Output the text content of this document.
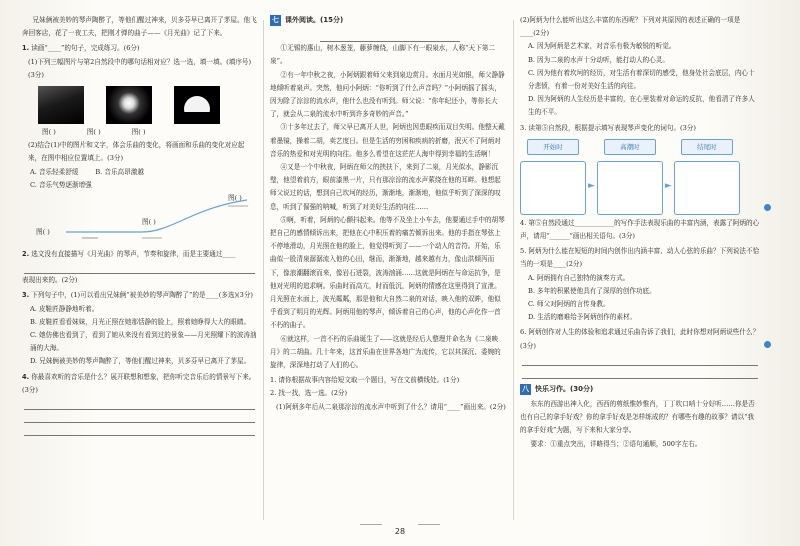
兄妹俩被美妙的琴声陶醉了，等他们醒过神来，贝多芬早已离开了茅屋。他飞奔回客店，花了一夜工夫，把刚才弹的曲子——《月光曲》记了下来。

1. 读画“____”的句子，完成练习。(6分)

(1)下列三幅图片与第2自然段中的哪句话相对应？选一选，填一填。(填序号)(3分)

图( )	图( )	图( )

(2)结合(1)中的图片和文字，体会乐曲的变化，将画面和乐曲的变化对应起来，在图中相应位置填上。(3分)

A. 音乐轻柔舒缓	B. 音乐高昂激越

C. 音乐气势逐渐增强

图( )
图( )
图( )

2. 选文没有直接描写《月光曲》的琴声，节奏和旋律，而是主要通过____

表现出来的。(2分)

3. 下列句子中，(1)可以看出兄妹俩“被美妙的琴声陶醉了”的是____(多选)(3分)

A. 皮鞋匠静静地听着。

B. 皮鞋匠看看妹妹，月光正照在她那恬静的脸上，照着她睁得大大的眼睛。

C. 她仿佛也看到了，看到了她从来没有看到过的景象——月光照耀下的波涛汹涌的大海。

D. 兄妹俩被美妙的琴声陶醉了，等他们醒过神来，贝多芬早已离开了茅屋。

4. 你最喜欢听的音乐是什么？展开联想和想象，把你听完音乐后的情景写下来。(3分)

七 课外阅读。(15分)

①无锡的惠山，树木葱茏，藤萝缠绕，山脚下有一眼泉水，人称“天下第二泉”。

②有一年中秋之夜，小阿炳跟着师父来到泉边赏月。水面月光如银，师父静静地倾听着泉声。突然，他问小阿炳：“你听到了什么声音吗？”小阿炳摇了摇头，因为除了淙淙的流水声，他什么也没有听到。师父说：“你年纪还小，等你长大了，就会从二泉的流水中听到许多奇妙的声音。”

③十多年过去了，师父早已离开人世，阿炳也因患眼疾而双目失明。他整天戴着墨镜，操着二胡，卖艺度日。但是生活的穷困和疾病的折磨，泯灭不了阿炳对音乐的热爱和对光明的向往。他多么希望在这茫茫人海中得到幸福的生活啊！

④又是一个中秋夜，阿炳在师父的挟扶下，来到了二泉，月光似水，静影沉璧，他望着前方，眼前漆黑一片，只有那淙淙的流水声萦绕在他的耳畔。他想起师父说过的话，想到自己坎坷的经历，渐渐地，渐渐地，他似乎听到了深深的叹息，听到了倔强的呐喊，听到了对美好生活的向往……

⑤啊，听着，阿炳的心颤抖起来。他等不及坐上小车去，他要通过手中的胡琴把自己的感情倾诉出来，把他在心中积压着的痛苦倾诉出来。他的手指在琴弦上不停地滑动，月光照在他的脸上，他觉得听到了——一个动人的音符。开始，乐曲似一股清泉潺潺流入他的心田，继而，渐渐地，越来越有力，像山洪倾泻而下，像浪潮翻滚而来，像岩石迸裂，波涛汹涌……这就是阿炳在与命运抗争，是他对光明的追求啊。乐曲时而高亢，时而低沉，阿炳的情感在这里得到了宣泄。月光照在水面上，波光粼粼，那是他和大自然二泉的对话，映入他的双眸，他似乎看到了明月的光辉。阿炳用他的琴声，倾诉着自己的心声，他的心声化作一首不朽的曲子。

⑥就这样，一首不朽的乐曲诞生了——这就是经后人整理并命名为《二泉映月》的二胡曲。几十年来，这首乐曲在世界各地广为流传，它以其深沉、委婉的旋律，深深地打动了人们的心。

1. 请你根据故事内容给短文取一个题目，写在文前横线处。(1分)

2. 找一找，选一选。(2分)

(1)阿炳多年后从二泉那淙淙的流水声中听到了什么？请用“____”画出来。(2分)

(2)阿炳为什么能听出这么丰富的东西呢？下列对其原因的表述正确的一项是____(2分)

A. 因为阿炳是艺术家，对音乐有极为敏锐的听觉。

B. 因为二泉的水声十分动听，能打动人的心灵。

C. 因为他有着坎坷的经历，对生活有着深切的感受，他身处社会底层，内心十分悲愤，有着一份对美好生活的向往。

D. 因为阿炳的人生经历是丰富的，在心里装着对命运的反抗，他看清了许多人生的不平。

3. 读第⑤自然段，根据提示填写表现琴声变化的词句。(3分)

开始时
►
高潮时
►
结尾时

4. 第⑤自然段通过____________的写作手法表现乐曲的丰富内涵，表露了阿炳的心声，请用“______”画出相关语句。(3分)

5. 阿炳为什么能在短短的时间内创作出内涵丰富、动人心弦的乐曲？下列说法不恰当的一项是____(2分)

A. 阿炳拥有自己独特的演奏方式。

B. 多年的积累使他具有了深厚的创作功底。

C. 师父对阿炳的言传身教。

D. 生活的磨难给予阿炳创作的素材。

6. 阿炳创作对人生的体验和追求通过乐曲告诉了我们，此时你想对阿炳说些什么？(3分)

八 快乐习作。(30分)

东东的西游出神入化，西西的剪纸惟妙惟肖，丁丁吹口哨十分好听……你是否也有自己的拿手好戏？你的拿手好戏是怎样练成的？有哪些有趣的故事？请以“我的拿手好戏”为题，写下来和大家分享。

要求：①重点突出，详略得当；②语句通顺，500字左右。

28
